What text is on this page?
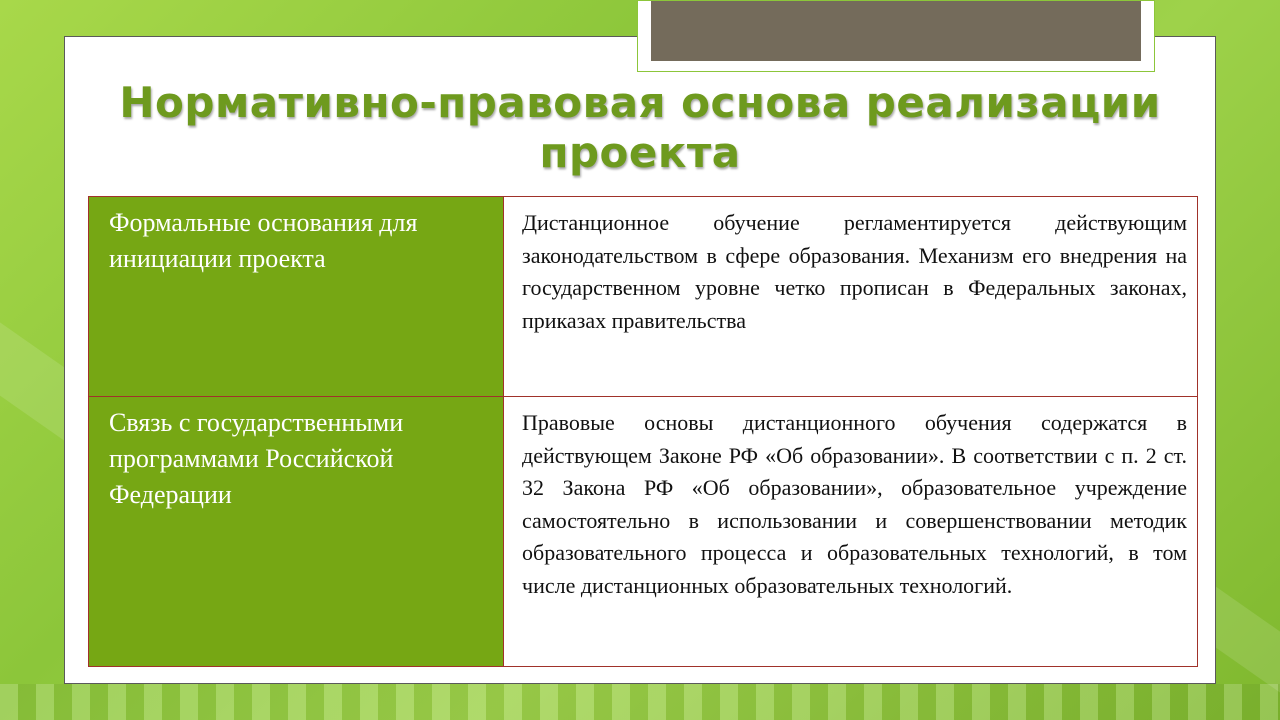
Нормативно-правовая основа реализации проекта
Формальные основания для инициации проекта	Дистанционное обучение регламентируется действующим законодательством в сфере образования. Механизм его внедрения на государственном уровне четко прописан в Федеральных законах, приказах правительства
Связь с государственными программами Российской Федерации	Правовые основы дистанционного обучения содержатся в действующем Законе РФ «Об образовании». В соответствии с п. 2 ст. 32 Закона РФ «Об образовании», образовательное учреждение самостоятельно в использовании и совершенствовании методик образовательного процесса и образовательных технологий, в том числе дистанционных образовательных технологий.
